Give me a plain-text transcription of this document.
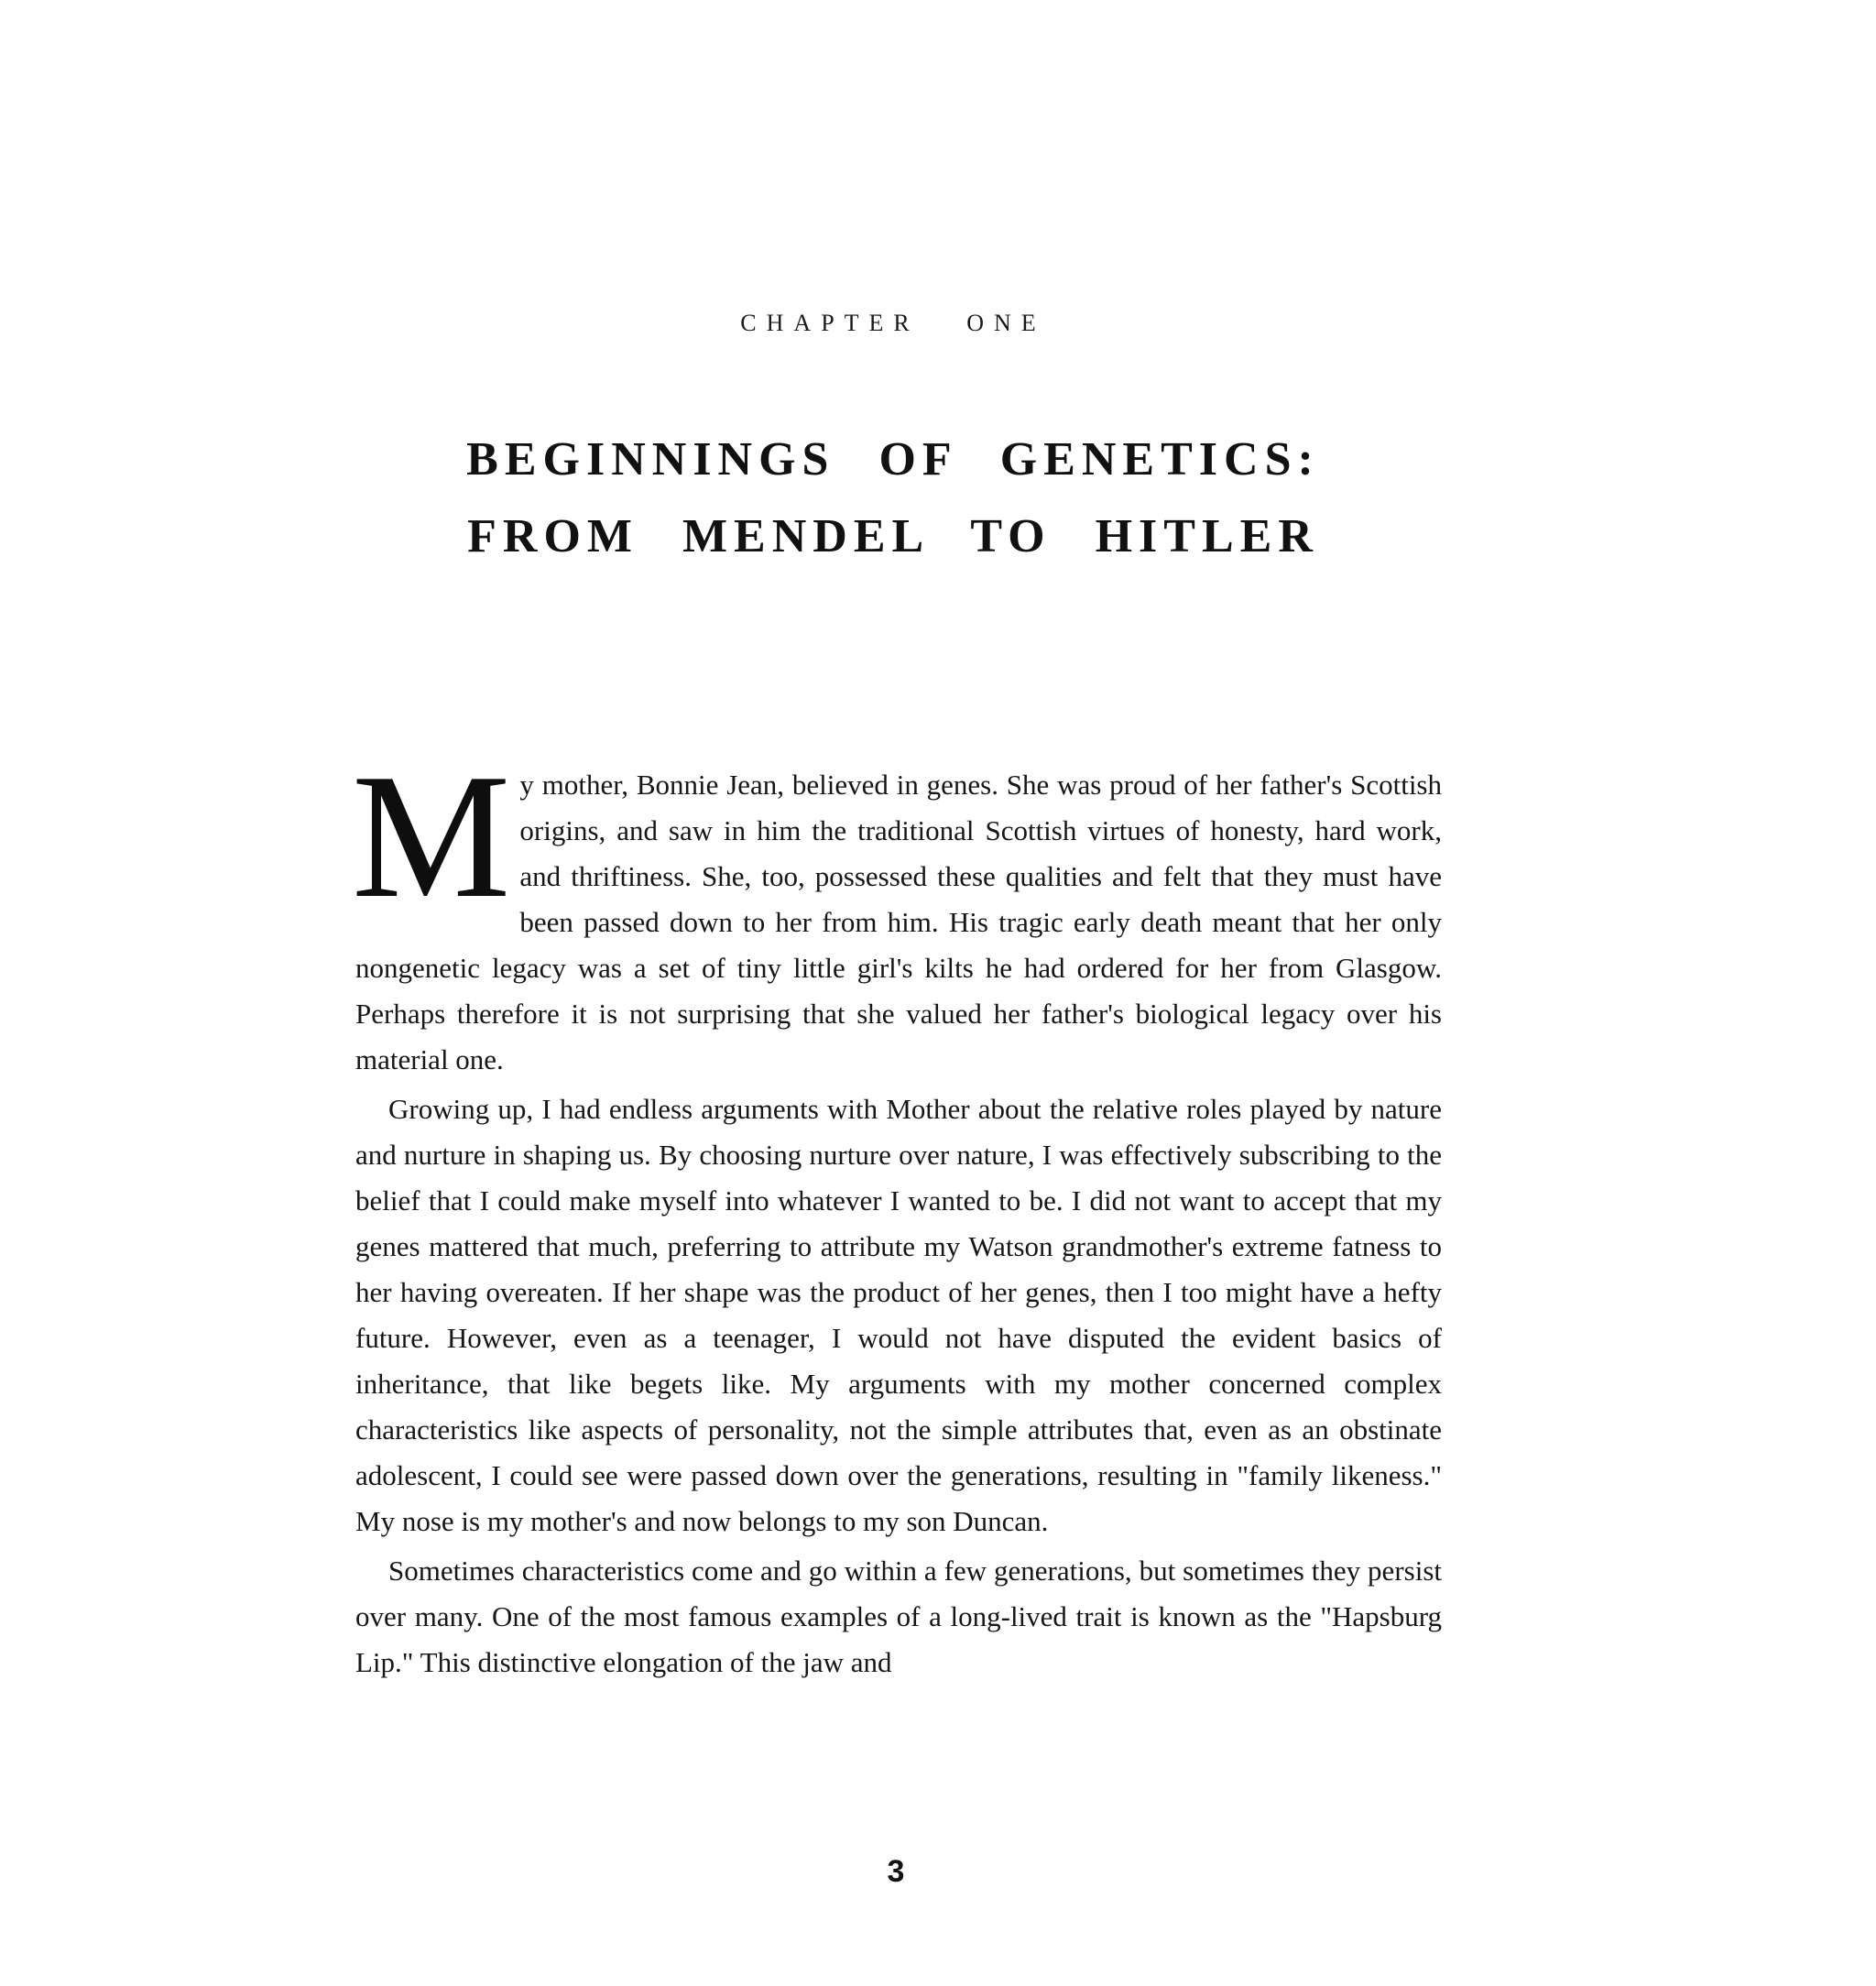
CHAPTER ONE
BEGINNINGS OF GENETICS:
FROM MENDEL TO HITLER

My mother, Bonnie Jean, believed in genes. She was proud of her father's Scottish origins, and saw in him the traditional Scottish virtues of honesty, hard work, and thriftiness. She, too, possessed these qualities and felt that they must have been passed down to her from him. His tragic early death meant that her only nongenetic legacy was a set of tiny little girl's kilts he had ordered for her from Glasgow. Perhaps therefore it is not surprising that she valued her father's biological legacy over his material one.

Growing up, I had endless arguments with Mother about the relative roles played by nature and nurture in shaping us. By choosing nurture over nature, I was effectively subscribing to the belief that I could make myself into whatever I wanted to be. I did not want to accept that my genes mattered that much, preferring to attribute my Watson grandmother's extreme fatness to her having overeaten. If her shape was the product of her genes, then I too might have a hefty future. However, even as a teenager, I would not have disputed the evident basics of inheritance, that like begets like. My arguments with my mother concerned complex characteristics like aspects of personality, not the simple attributes that, even as an obstinate adolescent, I could see were passed down over the generations, resulting in "family likeness." My nose is my mother's and now belongs to my son Duncan.

Sometimes characteristics come and go within a few generations, but sometimes they persist over many. One of the most famous examples of a long-lived trait is known as the "Hapsburg Lip." This distinctive elongation of the jaw and

3
